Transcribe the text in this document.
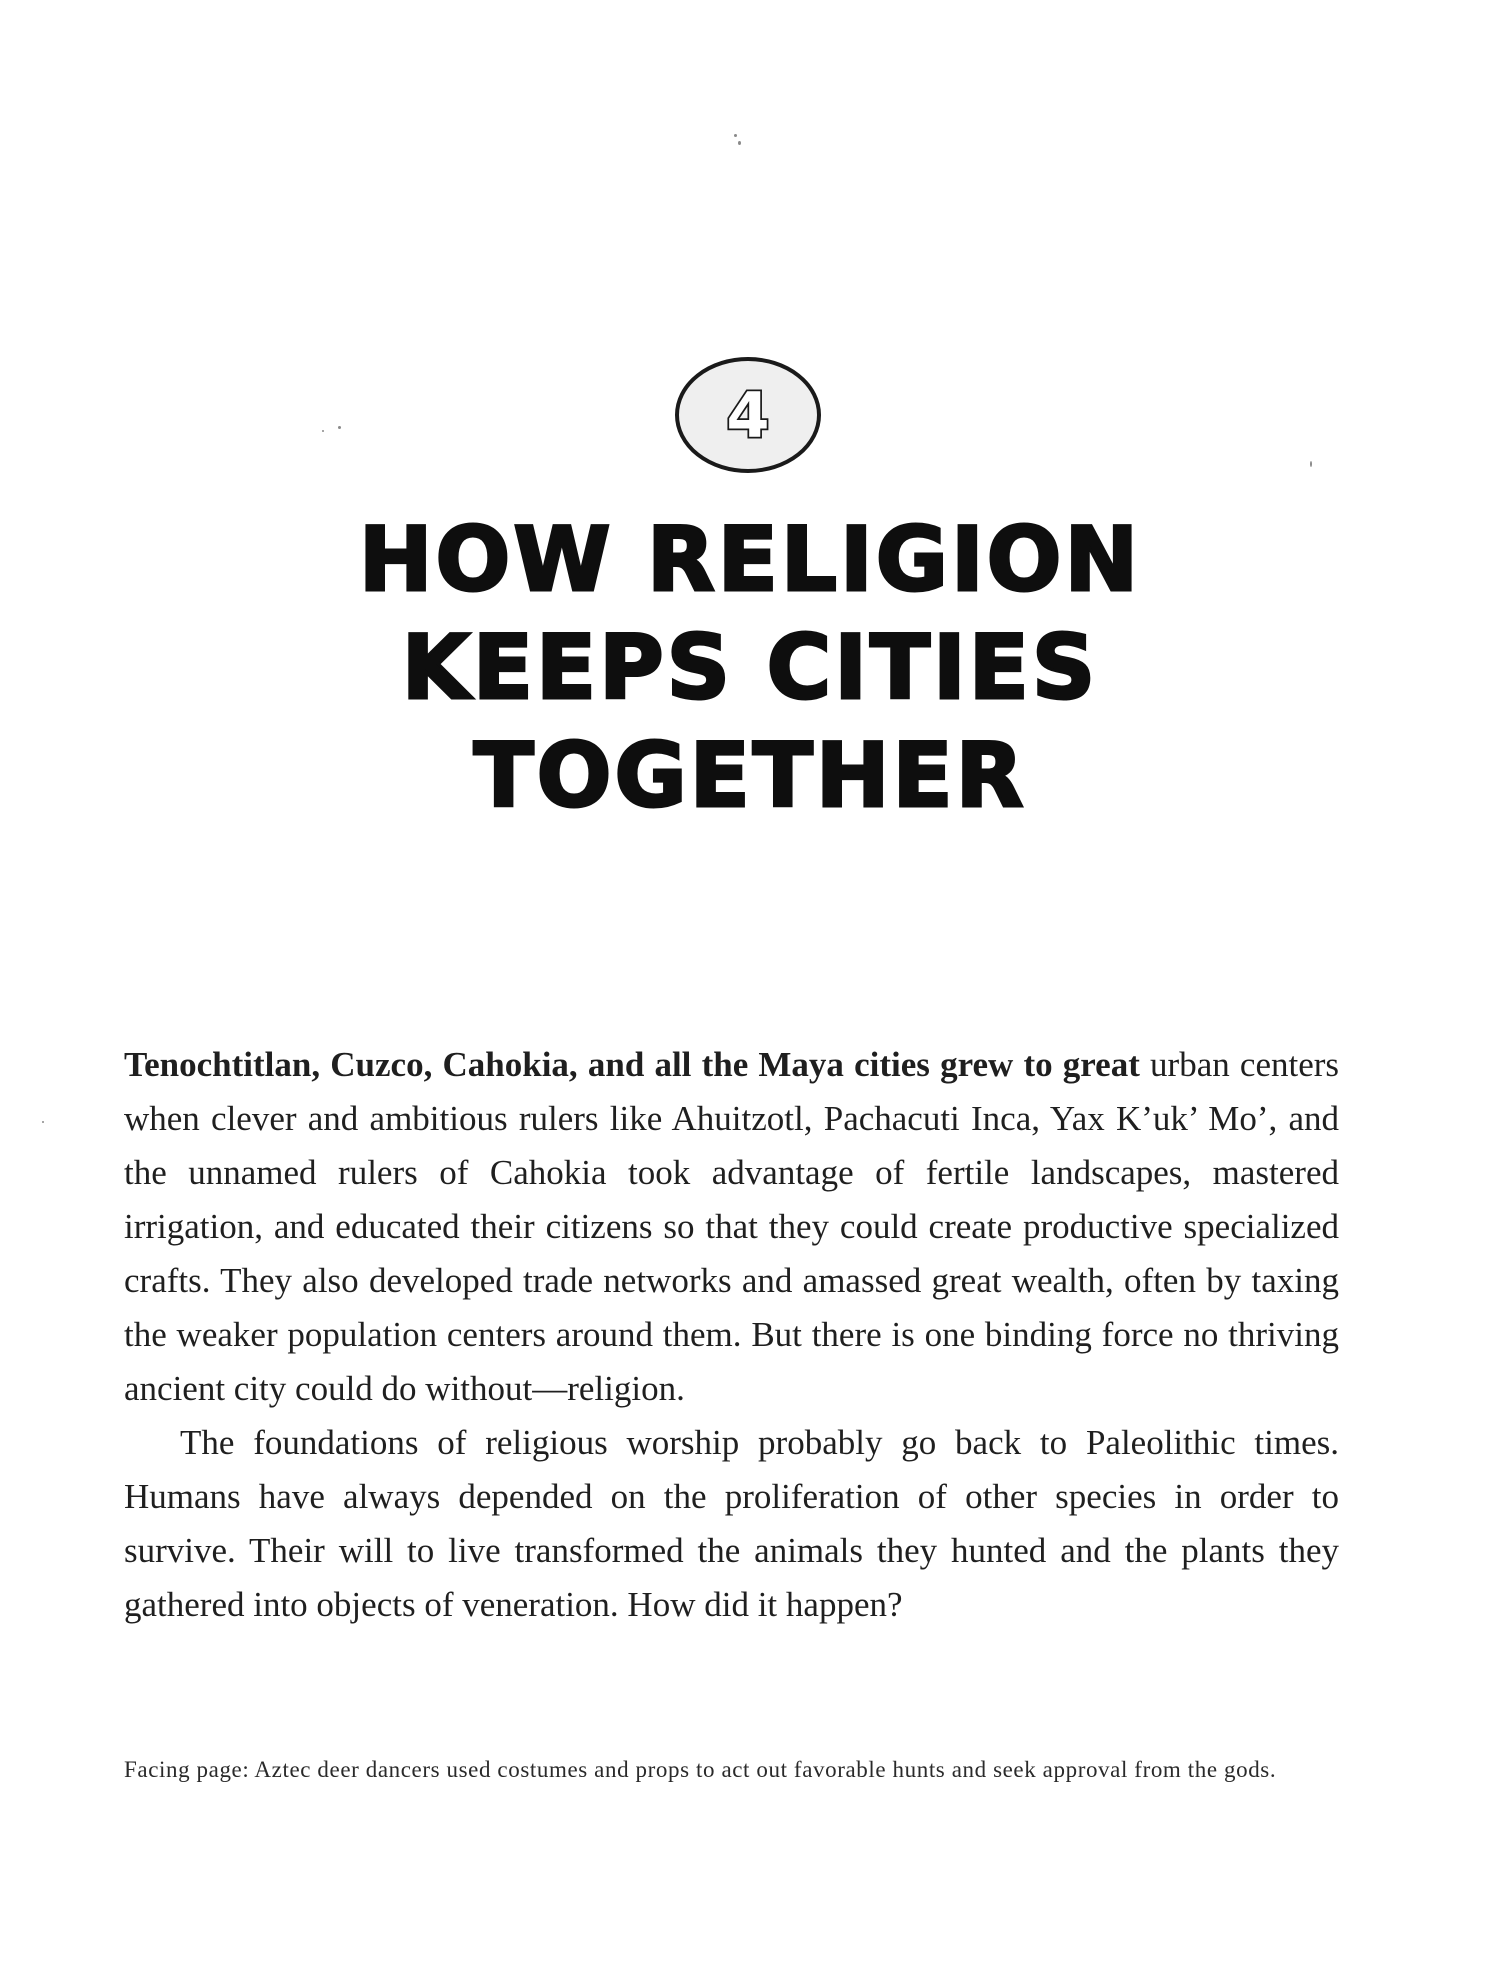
4
HOW RELIGION
KEEPS CITIES
TOGETHER

Tenochtitlan, Cuzco, Cahokia, and all the Maya cities grew to great urban centers when clever and ambitious rulers like Ahuitzotl, Pachacuti Inca, Yax K’uk’ Mo’, and the unnamed rulers of Cahokia took advantage of fertile landscapes, mastered irrigation, and educated their citizens so that they could create productive specialized crafts. They also developed trade networks and amassed great wealth, often by taxing the weaker population centers around them. But there is one binding force no thriving ancient city could do without—religion.

The foundations of religious worship probably go back to Paleolithic times. Humans have always depended on the proliferation of other species in order to survive. Their will to live transformed the animals they hunted and the plants they gathered into objects of veneration. How did it happen?

Facing page: Aztec deer dancers used costumes and props to act out favorable hunts and seek approval from the gods.
